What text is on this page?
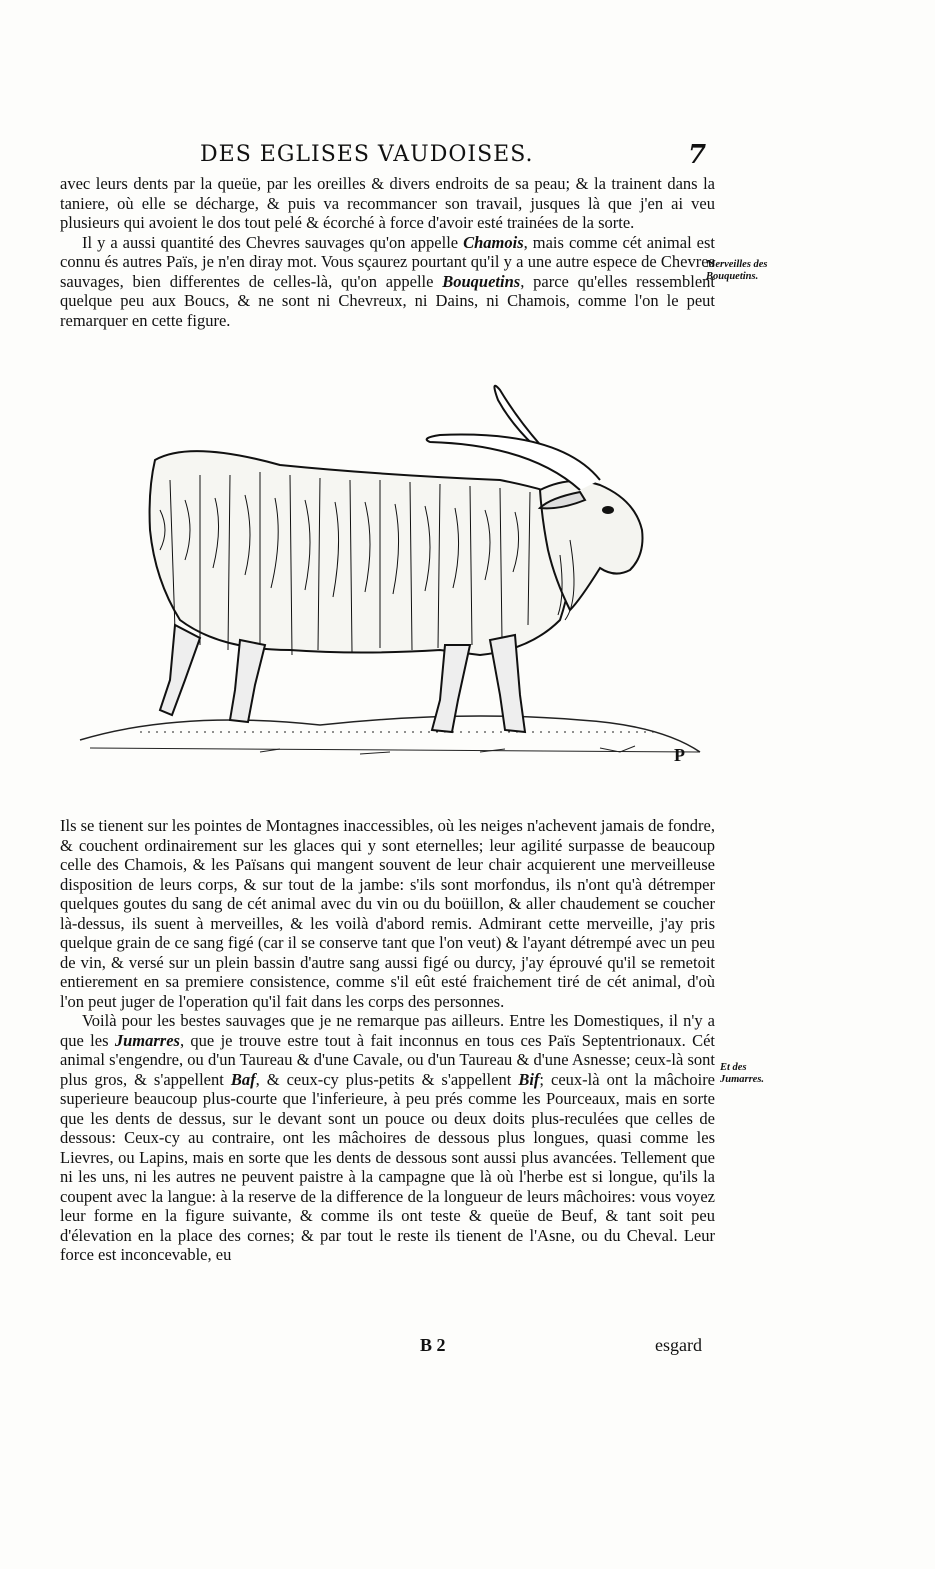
DES EGLISES VAUDOISES.	7

avec leurs dents par la queüe, par les oreilles & divers endroits de sa peau; & la trainent dans la taniere, où elle se décharge, & puis va recommancer son travail, jusques là que j'en ai veu plusieurs qui avoient le dos tout pelé & écorché à force d'avoir esté trainées de la sorte.

Il y a aussi quantité des Chevres sauvages qu'on appelle Chamois, mais comme cét animal est connu és autres Païs, je n'en diray mot. Vous sçaurez pourtant qu'il y a une autre espece de Chevres sauvages, bien differentes de celles-là, qu'on appelle Bouquetins, parce qu'elles ressemblent quelque peu aux Boucs, & ne sont ni Chevreux, ni Dains, ni Chamois, comme l'on le peut remarquer en cette figure.

Merveilles des Bouquetins.
P

Ils se tienent sur les pointes de Montagnes inaccessibles, où les neiges n'achevent jamais de fondre, & couchent ordinairement sur les glaces qui y sont eternelles; leur agilité surpasse de beaucoup celle des Chamois, & les Païsans qui mangent souvent de leur chair acquierent une merveilleuse disposition de leurs corps, & sur tout de la jambe: s'ils sont morfondus, ils n'ont qu'à détremper quelques goutes du sang de cét animal avec du vin ou du boüillon, & aller chaudement se coucher là-dessus, ils suent à merveilles, & les voilà d'abord remis. Admirant cette merveille, j'ay pris quelque grain de ce sang figé (car il se conserve tant que l'on veut) & l'ayant détrempé avec un peu de vin, & versé sur un plein bassin d'autre sang aussi figé ou durcy, j'ay éprouvé qu'il se remetoit entierement en sa premiere consistence, comme s'il eût esté fraichement tiré de cét animal, d'où l'on peut juger de l'operation qu'il fait dans les corps des personnes.

Voilà pour les bestes sauvages que je ne remarque pas ailleurs. Entre les Domestiques, il n'y a que les Jumarres, que je trouve estre tout à fait inconnus en tous ces Païs Septentrionaux. Cét animal s'engendre, ou d'un Taureau & d'une Cavale, ou d'un Taureau & d'une Asnesse; ceux-là sont plus gros, & s'appellent Baf, & ceux-cy plus-petits & s'appellent Bif; ceux-là ont la mâchoire superieure beaucoup plus-courte que l'inferieure, à peu prés comme les Pourceaux, mais en sorte que les dents de dessus, sur le devant sont un pouce ou deux doits plus-reculées que celles de dessous: Ceux-cy au contraire, ont les mâchoires de dessous plus longues, quasi comme les Lievres, ou Lapins, mais en sorte que les dents de dessous sont aussi plus avancées. Tellement que ni les uns, ni les autres ne peuvent paistre à la campagne que là où l'herbe est si longue, qu'ils la coupent avec la langue: à la reserve de la difference de la longueur de leurs mâchoires: vous voyez leur forme en la figure suivante, & comme ils ont teste & queüe de Beuf, & tant soit peu d'élevation en la place des cornes; & par tout le reste ils tienent de l'Asne, ou du Cheval. Leur force est inconcevable, eu

Et des Jumarres.
B 2	esgard
